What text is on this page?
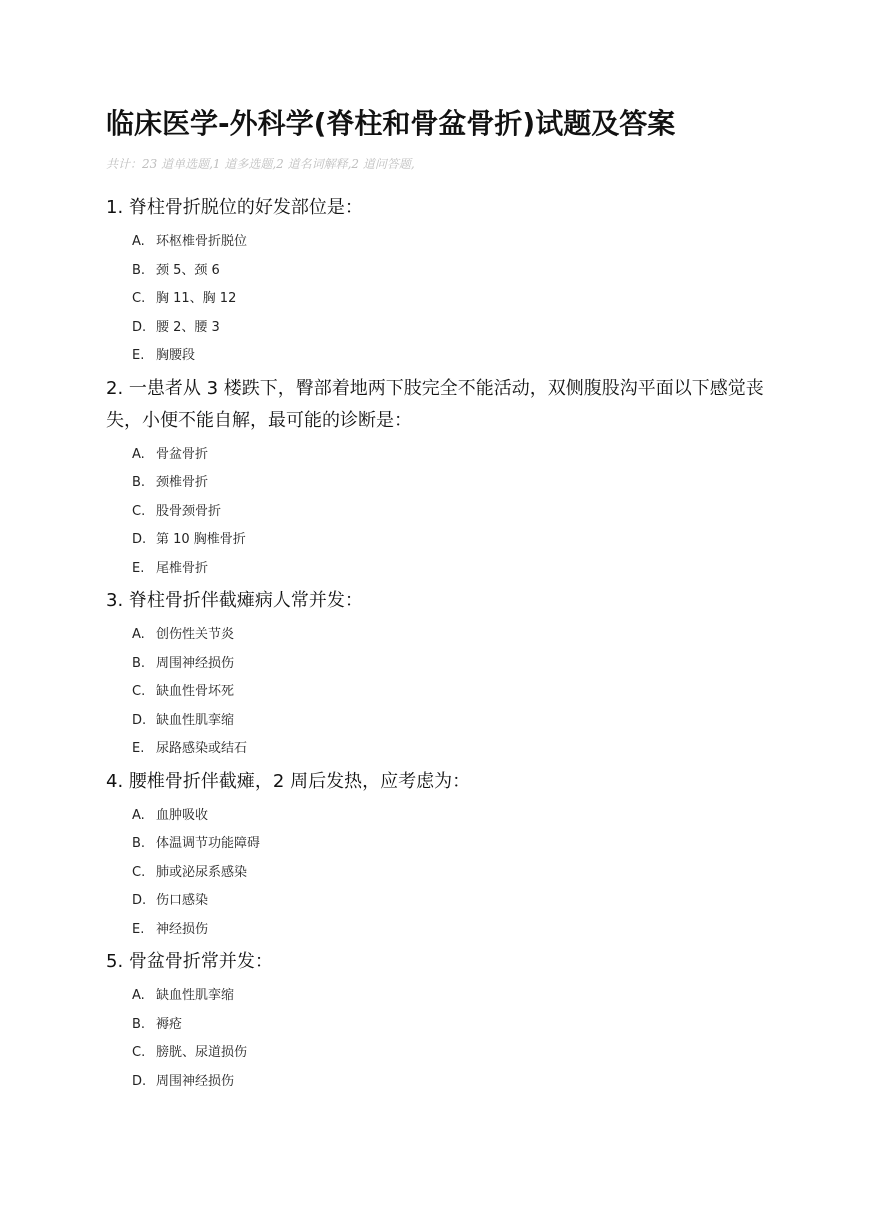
临床医学-外科学(脊柱和骨盆骨折)试题及答案
共计：23 道单选题,1 道多选题,2 道名词解释,2 道问答题,
1. 脊柱骨折脱位的好发部位是：
A. 环枢椎骨折脱位
B. 颈 5、颈 6
C. 胸 11、胸 12
D. 腰 2、腰 3
E. 胸腰段
2. 一患者从 3 楼跌下，臀部着地两下肢完全不能活动，双侧腹股沟平面以下感觉丧失，小便不能自解，最可能的诊断是：
A. 骨盆骨折
B. 颈椎骨折
C. 股骨颈骨折
D. 第 10 胸椎骨折
E. 尾椎骨折
3. 脊柱骨折伴截瘫病人常并发：
A. 创伤性关节炎
B. 周围神经损伤
C. 缺血性骨坏死
D. 缺血性肌挛缩
E. 尿路感染或结石
4. 腰椎骨折伴截瘫，2 周后发热，应考虑为：
A. 血肿吸收
B. 体温调节功能障碍
C. 肺或泌尿系感染
D. 伤口感染
E. 神经损伤
5. 骨盆骨折常并发：
A. 缺血性肌挛缩
B. 褥疮
C. 膀胱、尿道损伤
D. 周围神经损伤
